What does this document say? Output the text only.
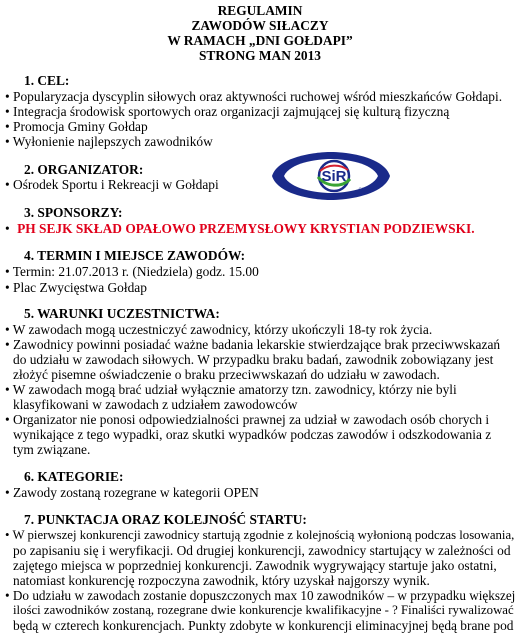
REGULAMIN
ZAWODÓW SIŁACZY
W RAMACH „DNI GOŁDAPI”
STRONG MAN 2013
1. CEL:
• Popularyzacja dyscyplin siłowych oraz aktywności ruchowej wśród mieszkańców Gołdapi.
• Integracja środowisk sportowych oraz organizacji zajmującej się kulturą fizyczną
• Promocja Gminy Gołdap
• Wyłonienie najlepszych zawodników
2. ORGANIZATOR:
• Ośrodek Sportu i Rekreacji w Gołdapi	SiR
GOŁDAP
3. SPONSORZY:
• PH SEJK SKŁAD OPAŁOWO PRZEMYSŁOWY KRYSTIAN PODZIEWSKI.
4. TERMIN I MIEJSCE ZAWODÓW:
• Termin: 21.07.2013 r. (Niedziela) godz. 15.00
• Plac Zwycięstwa Gołdap
5. WARUNKI UCZESTNICTWA:
• W zawodach mogą uczestniczyć zawodnicy, którzy ukończyli 18-ty rok życia.
• Zawodnicy powinni posiadać ważne badania lekarskie stwierdzające brak przeciwwskazań
do udziału w zawodach siłowych. W przypadku braku badań, zawodnik zobowiązany jest
złożyć pisemne oświadczenie o braku przeciwwskazań do udziału w zawodach.
• W zawodach mogą brać udział wyłącznie amatorzy tzn. zawodnicy, którzy nie byli
klasyfikowani w zawodach z udziałem zawodowców
• Organizator nie ponosi odpowiedzialności prawnej za udział w zawodach osób chorych i
wynikające z tego wypadki, oraz skutki wypadków podczas zawodów i odszkodowania z
tym związane.
6. KATEGORIE:
• Zawody zostaną rozegrane w kategorii OPEN
7. PUNKTACJA ORAZ KOLEJNOŚĆ STARTU:
• W pierwszej konkurencji zawodnicy startują zgodnie z kolejnością wyłonioną podczas losowania,
po zapisaniu się i weryfikacji. Od drugiej konkurencji, zawodnicy startujący w zależności od
zajętego miejsca w poprzedniej konkurencji. Zawodnik wygrywający startuje jako ostatni,
natomiast konkurencję rozpoczyna zawodnik, który uzyskał najgorszy wynik.
• Do udziału w zawodach zostanie dopuszczonych max 10 zawodników – w przypadku większej
ilości zawodników zostaną, rozegrane dwie konkurencje kwalifikacyjne - ? Finaliści rywalizować
będą w czterech konkurencjach. Punkty zdobyte w konkurencji eliminacyjnej będą brane pod
